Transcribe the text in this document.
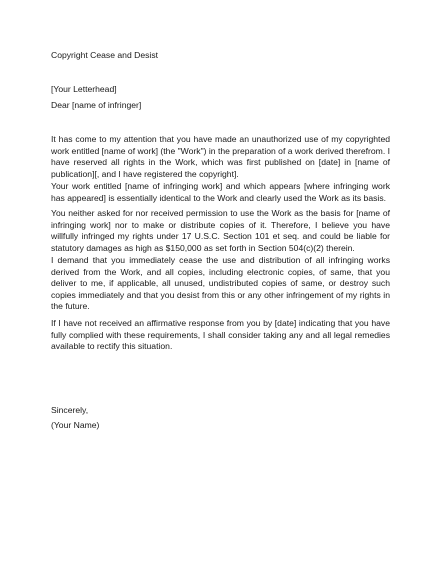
Copyright Cease and Desist

[Your Letterhead]

Dear [name of infringer]

It has come to my attention that you have made an unauthorized use of my copyrighted work entitled [name of work] (the "Work") in the preparation of a work derived therefrom. I have reserved all rights in the Work, which was first published on [date] in [name of publication][, and I have registered the copyright].

Your work entitled [name of infringing work] and which appears [where infringing work has appeared] is essentially identical to the Work and clearly used the Work as its basis.

You neither asked for nor received permission to use the Work as the basis for [name of infringing work] nor to make or distribute copies of it. Therefore, I believe you have willfully infringed my rights under 17 U.S.C. Section 101 et seq. and could be liable for statutory damages as high as $150,000 as set forth in Section 504(c)(2) therein.

I demand that you immediately cease the use and distribution of all infringing works derived from the Work, and all copies, including electronic copies, of same, that you deliver to me, if applicable, all unused, undistributed copies of same, or destroy such copies immediately and that you desist from this or any other infringement of my rights in the future.

If I have not received an affirmative response from you by [date] indicating that you have fully complied with these requirements, I shall consider taking any and all legal remedies available to rectify this situation.

Sincerely,

(Your Name)
